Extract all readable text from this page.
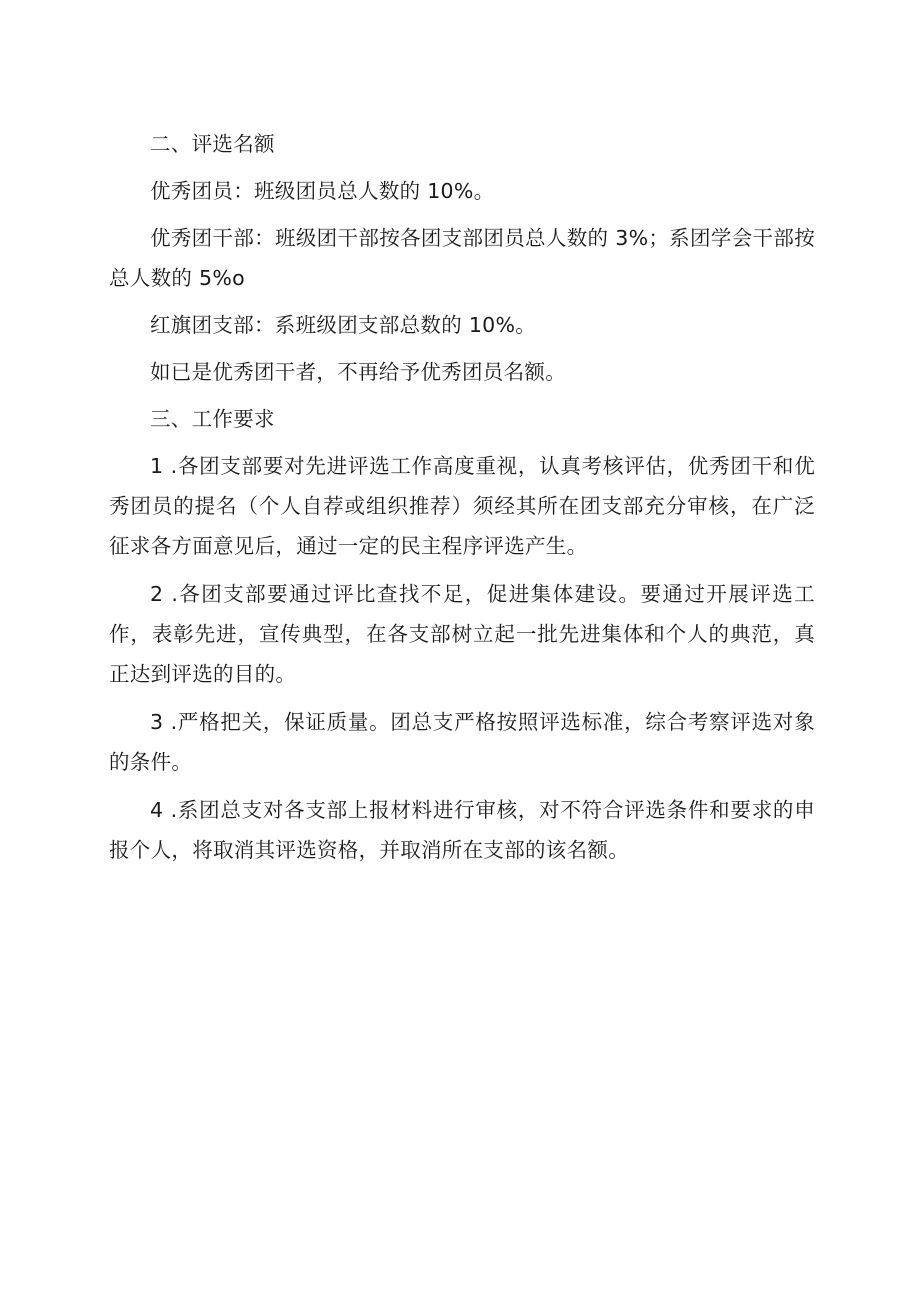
二、评选名额

优秀团员：班级团员总人数的 10%。

优秀团干部：班级团干部按各团支部团员总人数的 3%；系团学会干部按总人数的 5%o

红旗团支部：系班级团支部总数的 10%。

如已是优秀团干者，不再给予优秀团员名额。

三、工作要求

1 .各团支部要对先进评选工作高度重视，认真考核评估，优秀团干和优秀团员的提名（个人自荐或组织推荐）须经其所在团支部充分审核，在广泛征求各方面意见后，通过一定的民主程序评选产生。

2 .各团支部要通过评比查找不足，促进集体建设。要通过开展评选工作，表彰先进，宣传典型，在各支部树立起一批先进集体和个人的典范，真正达到评选的目的。

3 .严格把关，保证质量。团总支严格按照评选标准，综合考察评选对象的条件。

4 .系团总支对各支部上报材料进行审核，对不符合评选条件和要求的申报个人，将取消其评选资格，并取消所在支部的该名额。
